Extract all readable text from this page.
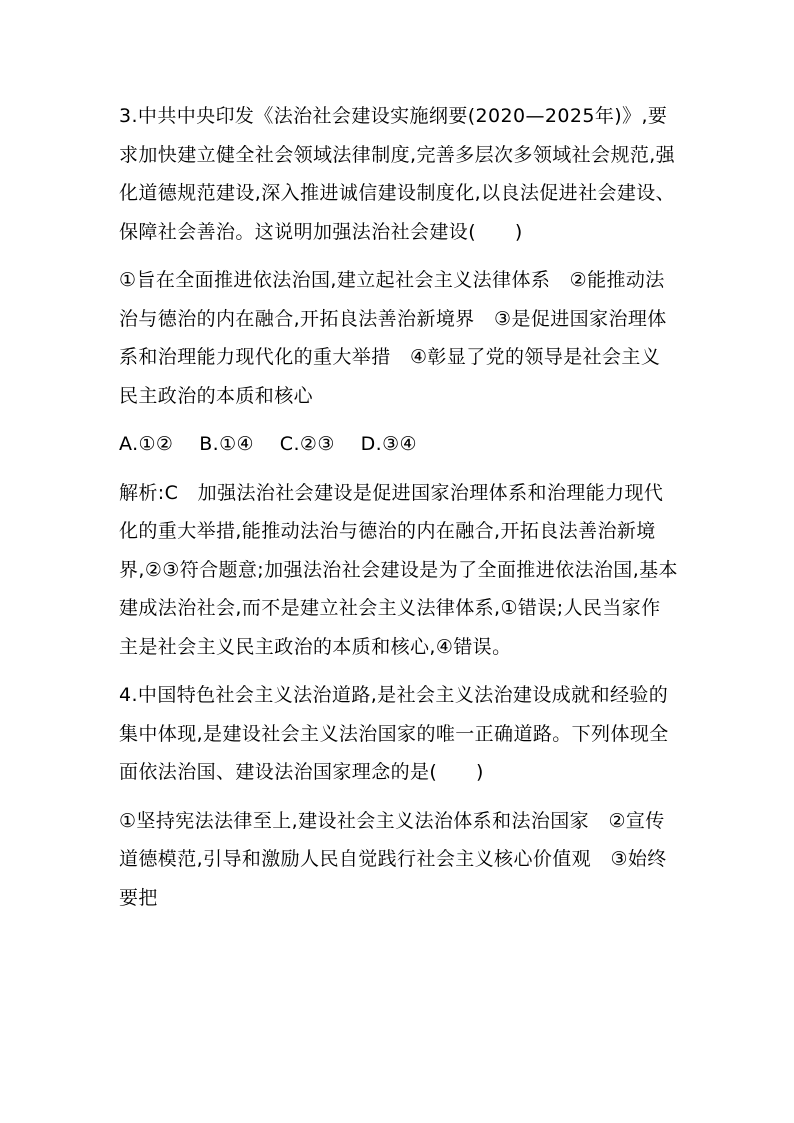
3.中共中央印发《法治社会建设实施纲要(2020—2025年)》,要求加快建立健全社会领域法律制度,完善多层次多领域社会规范,强化道德规范建设,深入推进诚信建设制度化,以良法促进社会建设、保障社会善治。这说明加强法治社会建设(　　)

①旨在全面推进依法治国,建立起社会主义法律体系　②能推动法治与德治的内在融合,开拓良法善治新境界　③是促进国家治理体系和治理能力现代化的重大举措　④彰显了党的领导是社会主义民主政治的本质和核心

A.①②　 B.①④　 C.②③　 D.③④

解析:C　加强法治社会建设是促进国家治理体系和治理能力现代化的重大举措,能推动法治与德治的内在融合,开拓良法善治新境界,②③符合题意;加强法治社会建设是为了全面推进依法治国,基本建成法治社会,而不是建立社会主义法律体系,①错误;人民当家作主是社会主义民主政治的本质和核心,④错误。

4.中国特色社会主义法治道路,是社会主义法治建设成就和经验的集中体现,是建设社会主义法治国家的唯一正确道路。下列体现全面依法治国、建设法治国家理念的是(　　)

①坚持宪法法律至上,建设社会主义法治体系和法治国家　②宣传道德模范,引导和激励人民自觉践行社会主义核心价值观　③始终要把
